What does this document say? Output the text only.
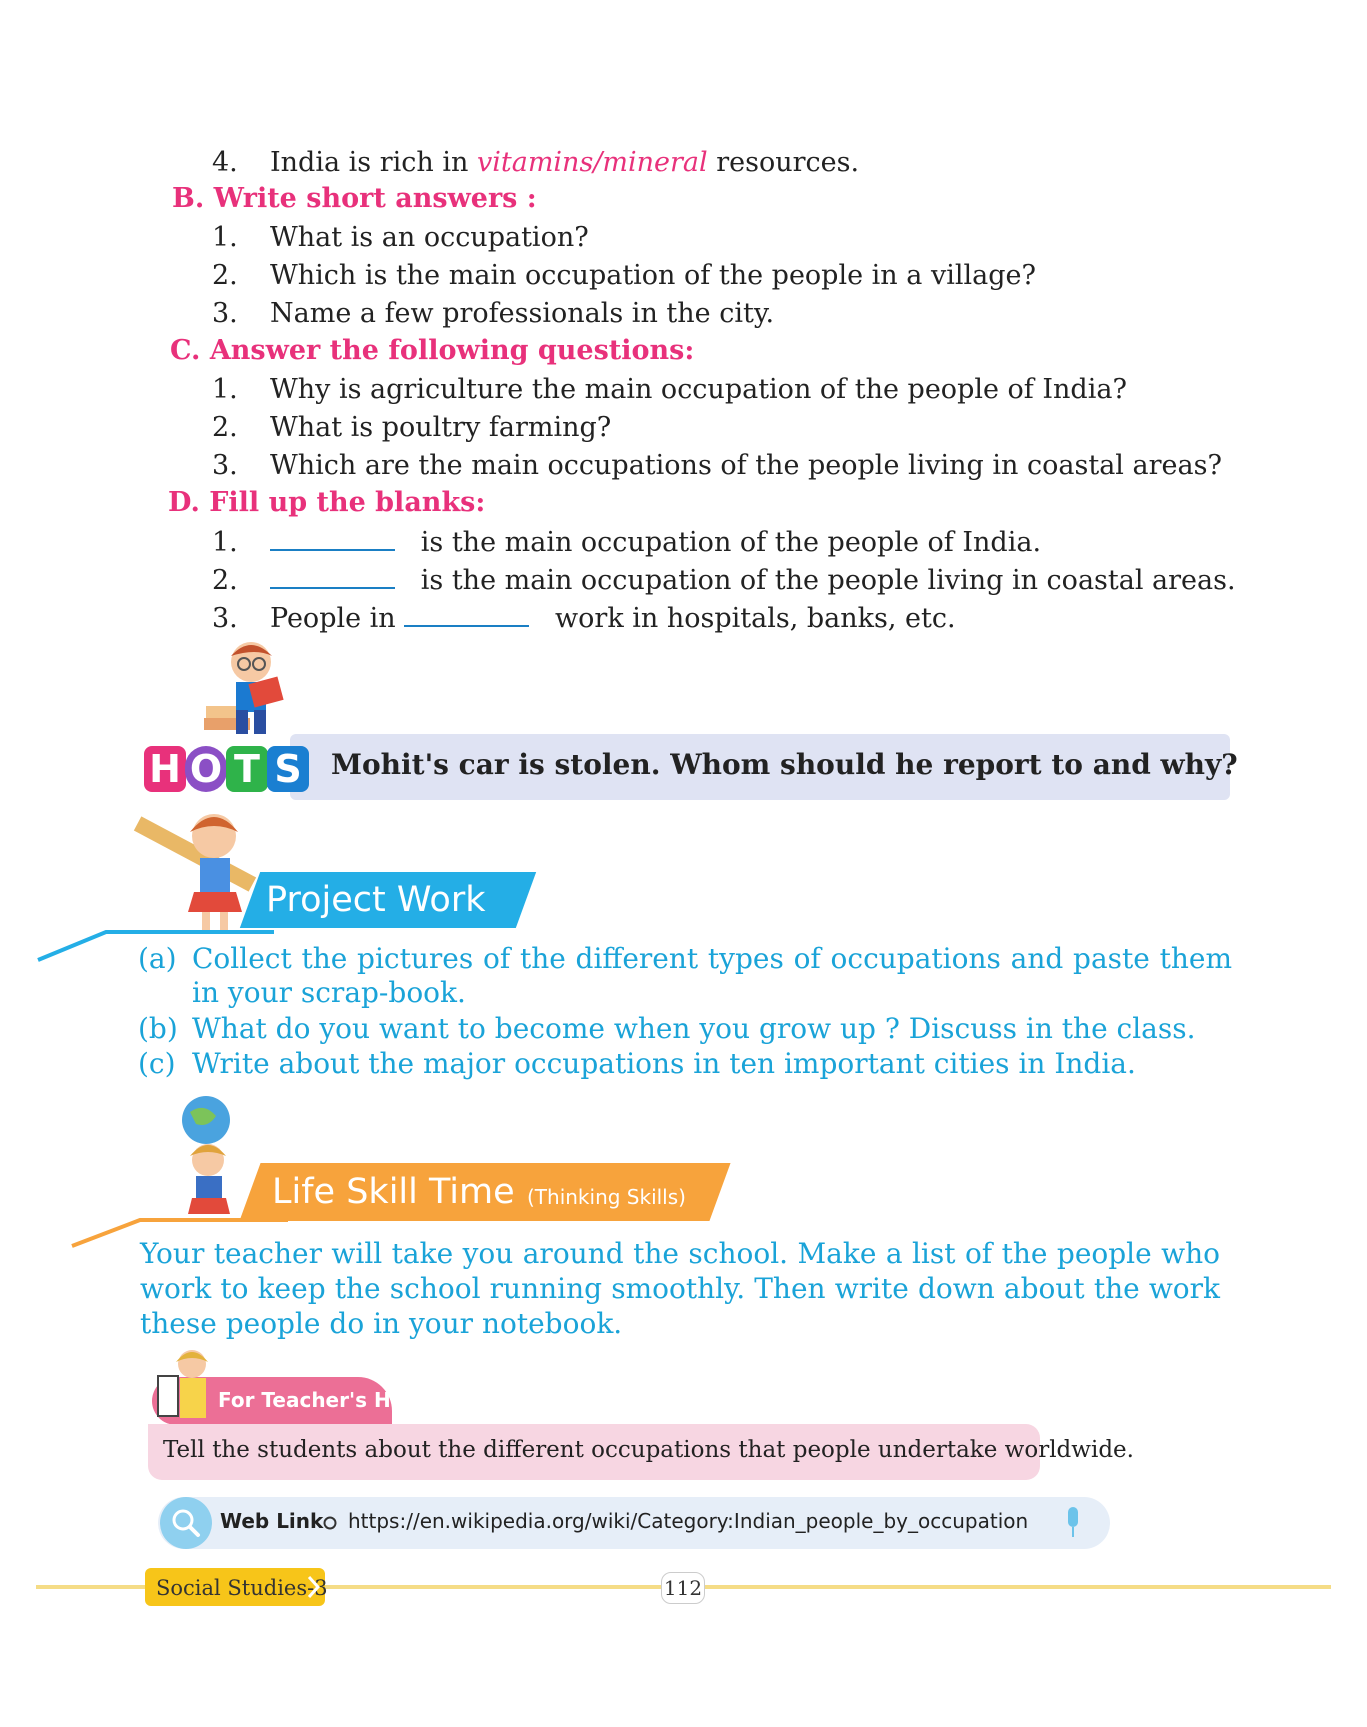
4. India is rich in vitamins/mineral resources.
B. Write short answers :
1. What is an occupation?
2. Which is the main occupation of the people in a village?
3. Name a few professionals in the city.
C. Answer the following questions:
1. Why is agriculture the main occupation of the people of India?
2. What is poultry farming?
3. Which are the main occupations of the people living in coastal areas?
D. Fill up the blanks:
1.	is the main occupation of the people of India.
2.	is the main occupation of the people living in coastal areas.
3. People in	work in hospitals, banks, etc.
H O T S Mohit's car is stolen. Whom should he report to and why?
Project Work
(a) Collect the pictures of the different types of occupations and paste them in your scrap-book.
(b) What do you want to become when you grow up ? Discuss in the class.
(c) Write about the major occupations in ten important cities in India.
Life Skill Time (Thinking Skills)
Your teacher will take you around the school. Make a list of the people who work to keep the school running smoothly. Then write down about the work these people do in your notebook.
For Teacher's Help
Tell the students about the different occupations that people undertake worldwide.
Web Link https://en.wikipedia.org/wiki/Category:Indian_people_by_occupation
Social Studies-3	112
